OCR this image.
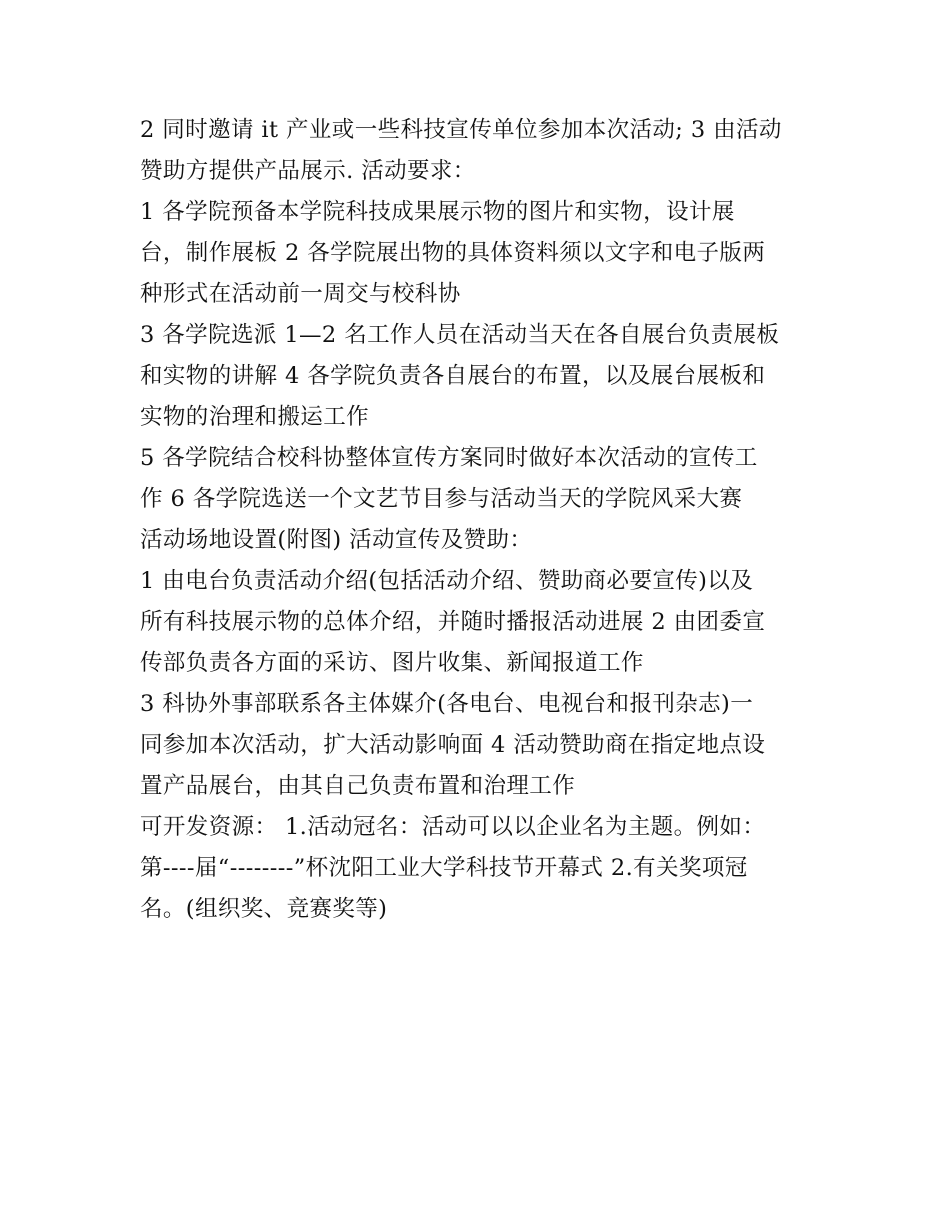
2 同时邀请 it 产业或一些科技宣传单位参加本次活动; 3 由活动
赞助方提供产品展示. 活动要求：
1 各学院预备本学院科技成果展示物的图片和实物，设计展
台，制作展板 2 各学院展出物的具体资料须以文字和电子版两
种形式在活动前一周交与校科协
3 各学院选派 1—2 名工作人员在活动当天在各自展台负责展板
和实物的讲解 4 各学院负责各自展台的布置，以及展台展板和
实物的治理和搬运工作
5 各学院结合校科协整体宣传方案同时做好本次活动的宣传工
作 6 各学院选送一个文艺节目参与活动当天的学院风采大赛
活动场地设置(附图) 活动宣传及赞助：
1 由电台负责活动介绍(包括活动介绍、赞助商必要宣传)以及
所有科技展示物的总体介绍，并随时播报活动进展 2 由团委宣
传部负责各方面的采访、图片收集、新闻报道工作
3 科协外事部联系各主体媒介(各电台、电视台和报刊杂志)一
同参加本次活动，扩大活动影响面 4 活动赞助商在指定地点设
置产品展台，由其自己负责布置和治理工作
可开发资源： 1.活动冠名：活动可以以企业名为主题。例如：
第----届“--------”杯沈阳工业大学科技节开幕式 2.有关奖项冠
名。(组织奖、竞赛奖等)
